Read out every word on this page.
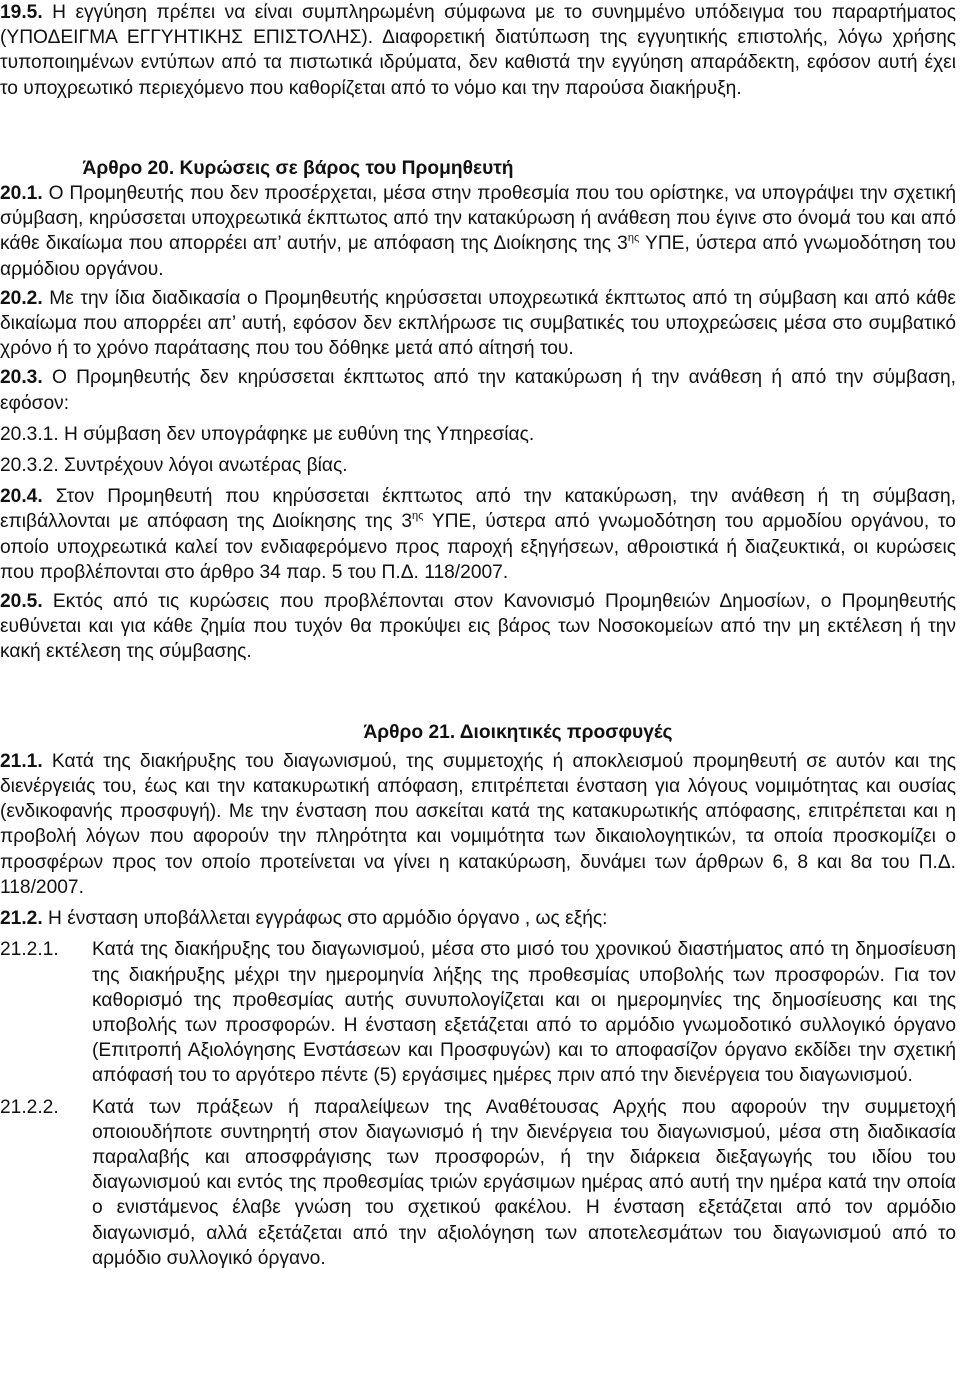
19.5. Η εγγύηση πρέπει να είναι συμπληρωμένη σύμφωνα με το συνημμένο υπόδειγμα του παραρτήματος (ΥΠΟΔΕΙΓΜΑ ΕΓΓΥΗΤΙΚΗΣ ΕΠΙΣΤΟΛΗΣ). Διαφορετική διατύπωση της εγγυητικής επιστολής, λόγω χρήσης τυποποιημένων εντύπων από τα πιστωτικά ιδρύματα, δεν καθιστά την εγγύηση απαράδεκτη, εφόσον αυτή έχει το υποχρεωτικό περιεχόμενο που καθορίζεται από το νόμο και την παρούσα διακήρυξη.

Άρθρο 20. Κυρώσεις σε βάρος του Προμηθευτή

20.1. Ο Προμηθευτής που δεν προσέρχεται, μέσα στην προθεσμία που του ορίστηκε, να υπογράψει την σχετική σύμβαση, κηρύσσεται υποχρεωτικά έκπτωτος από την κατακύρωση ή ανάθεση που έγινε στο όνομά του και από κάθε δικαίωμα που απορρέει απ’ αυτήν, με απόφαση της Διοίκησης της $3^{\eta\varsigma}$ ΥΠΕ, ύστερα από γνωμοδότηση του αρμόδιου οργάνου.

20.2. Με την ίδια διαδικασία ο Προμηθευτής κηρύσσεται υποχρεωτικά έκπτωτος από τη σύμβαση και από κάθε δικαίωμα που απορρέει απ’ αυτή, εφόσον δεν εκπλήρωσε τις συμβατικές του υποχρεώσεις μέσα στο συμβατικό χρόνο ή το χρόνο παράτασης που του δόθηκε μετά από αίτησή του.

20.3. Ο Προμηθευτής δεν κηρύσσεται έκπτωτος από την κατακύρωση ή την ανάθεση ή από την σύμβαση, εφόσον:

20.3.1. Η σύμβαση δεν υπογράφηκε με ευθύνη της Υπηρεσίας.

20.3.2. Συντρέχουν λόγοι ανωτέρας βίας.

20.4. Στον Προμηθευτή που κηρύσσεται έκπτωτος από την κατακύρωση, την ανάθεση ή τη σύμβαση, επιβάλλονται με απόφαση της Διοίκησης της $3^{\eta\varsigma}$ ΥΠΕ, ύστερα από γνωμοδότηση του αρμοδίου οργάνου, το οποίο υποχρεωτικά καλεί τον ενδιαφερόμενο προς παροχή εξηγήσεων, αθροιστικά ή διαζευκτικά, οι κυρώσεις που προβλέπονται στο άρθρο 34 παρ. 5 του Π.Δ. 118/2007.

20.5. Εκτός από τις κυρώσεις που προβλέπονται στον Κανονισμό Προμηθειών Δημοσίων, ο Προμηθευτής ευθύνεται και για κάθε ζημία που τυχόν θα προκύψει εις βάρος των Νοσοκομείων από την μη εκτέλεση ή την κακή εκτέλεση της σύμβασης.

Άρθρο 21. Διοικητικές προσφυγές

21.1. Κατά της διακήρυξης του διαγωνισμού, της συμμετοχής ή αποκλεισμού προμηθευτή σε αυτόν και της διενέργειάς του, έως και την κατακυρωτική απόφαση, επιτρέπεται ένσταση για λόγους νομιμότητας και ουσίας (ενδικοφανής προσφυγή). Με την ένσταση που ασκείται κατά της κατακυρωτικής απόφασης, επιτρέπεται και η προβολή λόγων που αφορούν την πληρότητα και νομιμότητα των δικαιολογητικών, τα οποία προσκομίζει ο προσφέρων προς τον οποίο προτείνεται να γίνει η κατακύρωση, δυνάμει των άρθρων 6, 8 και 8α του Π.Δ. 118/2007.

21.2. Η ένσταση υποβάλλεται εγγράφως στο αρμόδιο όργανο , ως εξής:

21.2.1.	Κατά της διακήρυξης του διαγωνισμού, μέσα στο μισό του χρονικού διαστήματος από τη δημοσίευση της διακήρυξης μέχρι την ημερομηνία λήξης της προθεσμίας υποβολής των προσφορών. Για τον καθορισμό της προθεσμίας αυτής συνυπολογίζεται και οι ημερομηνίες της δημοσίευσης και της υποβολής των προσφορών. Η ένσταση εξετάζεται από το αρμόδιο γνωμοδοτικό συλλογικό όργανο (Επιτροπή Αξιολόγησης Ενστάσεων και Προσφυγών) και το αποφασίζον όργανο εκδίδει την σχετική απόφασή του το αργότερο πέντε (5) εργάσιμες ημέρες πριν από την διενέργεια του διαγωνισμού.
21.2.2.	Κατά των πράξεων ή παραλείψεων της Αναθέτουσας Αρχής που αφορούν την συμμετοχή οποιουδήποτε συντηρητή στον διαγωνισμό ή την διενέργεια του διαγωνισμού, μέσα στη διαδικασία παραλαβής και αποσφράγισης των προσφορών, ή την διάρκεια διεξαγωγής του ιδίου του διαγωνισμού και εντός της προθεσμίας τριών εργάσιμων ημέρας από αυτή την ημέρα κατά την οποία ο ενιστάμενος έλαβε γνώση του σχετικού φακέλου. Η ένσταση εξετάζεται από τον αρμόδιο διαγωνισμό, αλλά εξετάζεται από την αξιολόγηση των αποτελεσμάτων του διαγωνισμού από το αρμόδιο συλλογικό όργανο.
